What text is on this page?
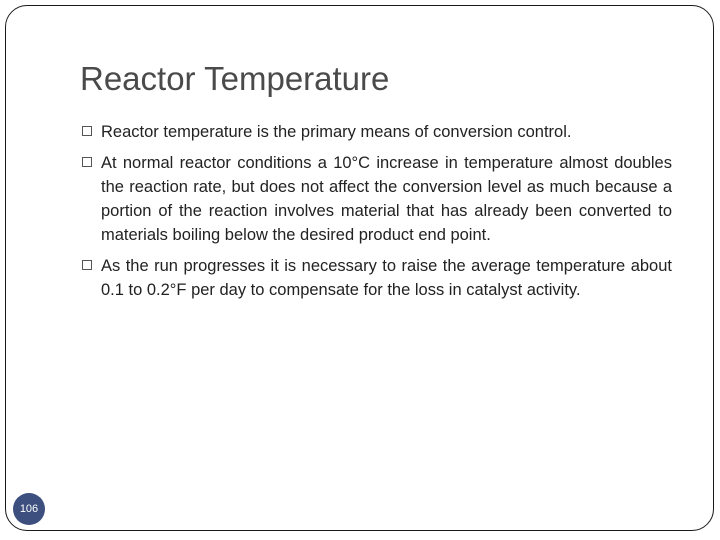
Reactor Temperature
Reactor temperature is the primary means of conversion control.
At normal reactor conditions a 10°C increase in temperature almost doubles the reaction rate, but does not affect the conversion level as much because a portion of the reaction involves material that has already been converted to materials boiling below the desired product end point.
As the run progresses it is necessary to raise the average temperature about 0.1 to 0.2°F per day to compensate for the loss in catalyst activity.
106
